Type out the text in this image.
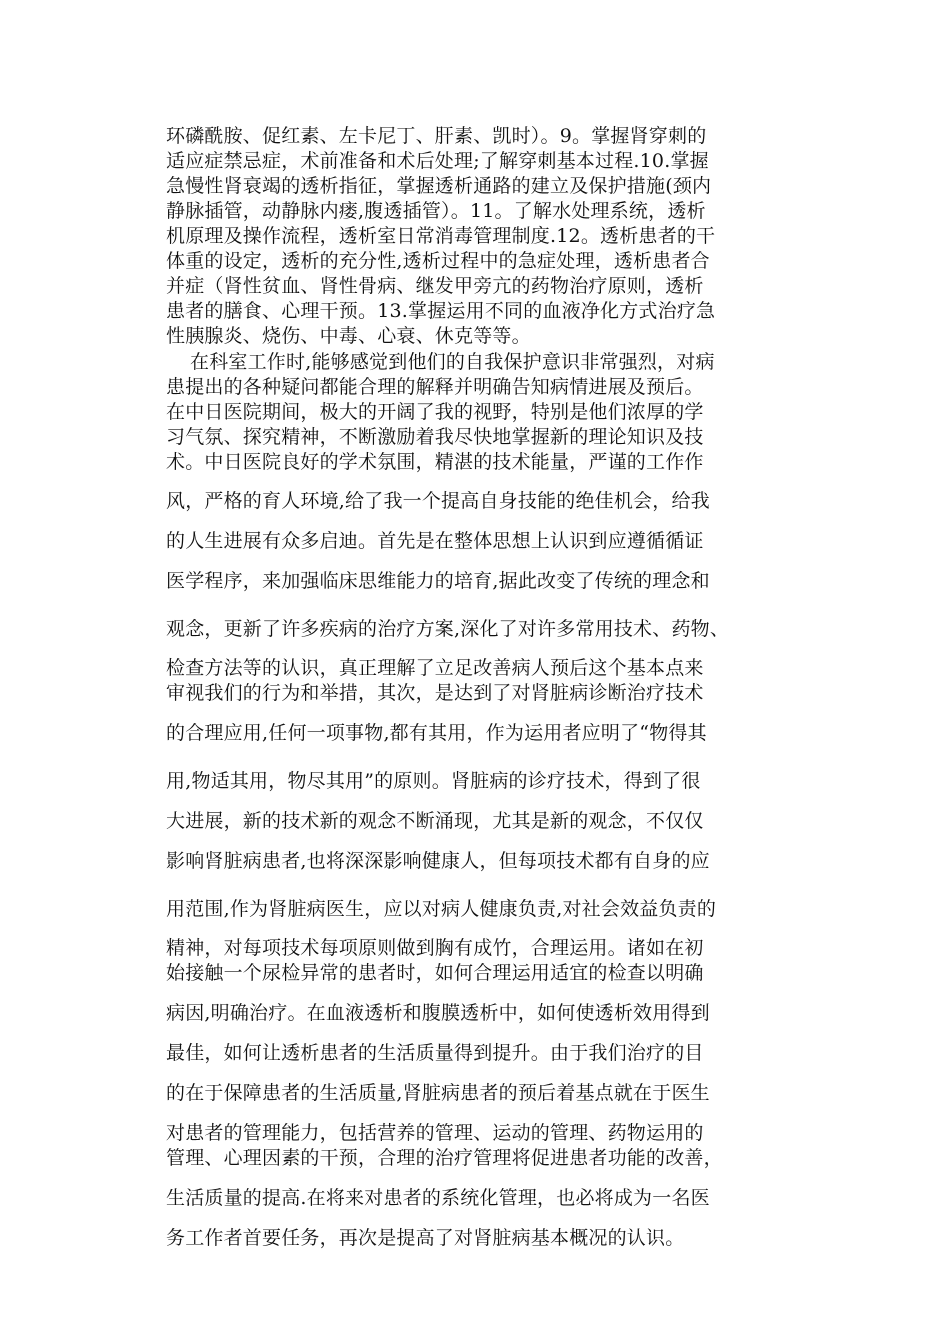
环磷酰胺、促红素、左卡尼丁、肝素、凯时）。9。掌握肾穿刺的

适应症禁忌症，术前准备和术后处理;了解穿刺基本过程.10.掌握

急慢性肾衰竭的透析指征，掌握透析通路的建立及保护措施(颈内

静脉插管，动静脉内瘘,腹透插管）。11。了解水处理系统，透析

机原理及操作流程，透析室日常消毒管理制度.12。透析患者的干

体重的设定，透析的充分性,透析过程中的急症处理，透析患者合

并症（肾性贫血、肾性骨病、继发甲旁亢的药物治疗原则，透析

患者的膳食、心理干预。13.掌握运用不同的血液净化方式治疗急

性胰腺炎、烧伤、中毒、心衰、休克等等。

在科室工作时,能够感觉到他们的自我保护意识非常强烈，对病

患提出的各种疑问都能合理的解释并明确告知病情进展及预后。

在中日医院期间，极大的开阔了我的视野，特别是他们浓厚的学

习气氛、探究精神，不断激励着我尽快地掌握新的理论知识及技

术。中日医院良好的学术氛围，精湛的技术能量，严谨的工作作

风，严格的育人环境,给了我一个提高自身技能的绝佳机会，给我

的人生进展有众多启迪。首先是在整体思想上认识到应遵循循证

医学程序，来加强临床思维能力的培育,据此改变了传统的理念和

观念，更新了许多疾病的治疗方案,深化了对许多常用技术、药物、

检查方法等的认识，真正理解了立足改善病人预后这个基本点来

审视我们的行为和举措，其次，是达到了对肾脏病诊断治疗技术

的合理应用,任何一项事物,都有其用，作为运用者应明了“物得其

用,物适其用，物尽其用”的原则。肾脏病的诊疗技术，得到了很

大进展，新的技术新的观念不断涌现，尤其是新的观念，不仅仅

影响肾脏病患者,也将深深影响健康人，但每项技术都有自身的应

用范围,作为肾脏病医生，应以对病人健康负责,对社会效益负责的

精神，对每项技术每项原则做到胸有成竹，合理运用。诸如在初

始接触一个尿检异常的患者时，如何合理运用适宜的检查以明确

病因,明确治疗。在血液透析和腹膜透析中，如何使透析效用得到

最佳，如何让透析患者的生活质量得到提升。由于我们治疗的目

的在于保障患者的生活质量,肾脏病患者的预后着基点就在于医生

对患者的管理能力，包括营养的管理、运动的管理、药物运用的

管理、心理因素的干预，合理的治疗管理将促进患者功能的改善，

生活质量的提高.在将来对患者的系统化管理，也必将成为一名医

务工作者首要任务，再次是提高了对肾脏病基本概况的认识。
